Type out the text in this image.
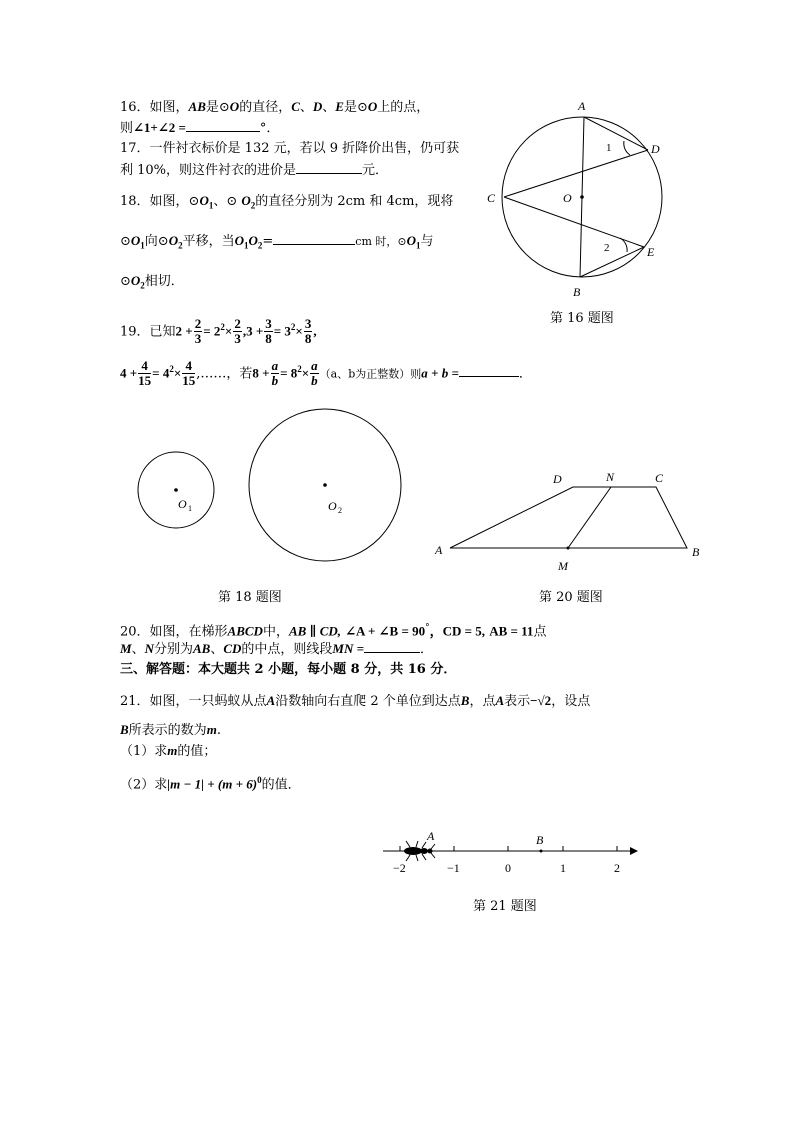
16．如图，AB是⊙O的直径，C、D、E是⊙O上的点，
则∠1+∠2 =	°．
17．一件衬衣标价是 132 元，若以 9 折降价出售，仍可获
利 10%，则这件衬衣的进价是	元．
18．如图，$⊙O_1$、⊙ $O_2$的直径分别为 2cm 和 4cm，现将
$⊙O_1$向$⊙O_2$平移，当$O_1O_2=$	cm 时，$⊙O_1$与
$⊙O_2$相切．
19．已知$2 + \frac{2}{3} = 2^2\times \frac{2}{3} ,3 + \frac{3}{8} = 3^2\times \frac{3}{8}$ ,
$4 + \frac{4}{15} = 4^2\times \frac{4}{15}$ ,……，若$8 + \frac{a}{b} = 8^2\times \frac{a}{b} (a$、b为正整数）则a + b =	．
A
B
C
D
E
O
1
2
O 1	O 2
A	B
C
D
M
N
−2	−1	0	1	2
A	B
第 16 题图
第 18 题图	第 20 题图
第 21 题图
20．如图，在梯形ABCD中，AB ∥ CD, ∠A + ∠B = 90°，CD = 5, AB = 11点
M、N分别为AB、CD的中点，则线段MN =	．
三、解答题：本大题共 2 小题，每小题 8 分，共 16 分．
21．如图，一只蚂蚁从点A沿数轴向右直爬 2 个单位到达点B，点A表示−√2，设点
B所表示的数为m.
（1）求m的值；
（2）求$|m - 1| + (m + 6)^0$的值．
